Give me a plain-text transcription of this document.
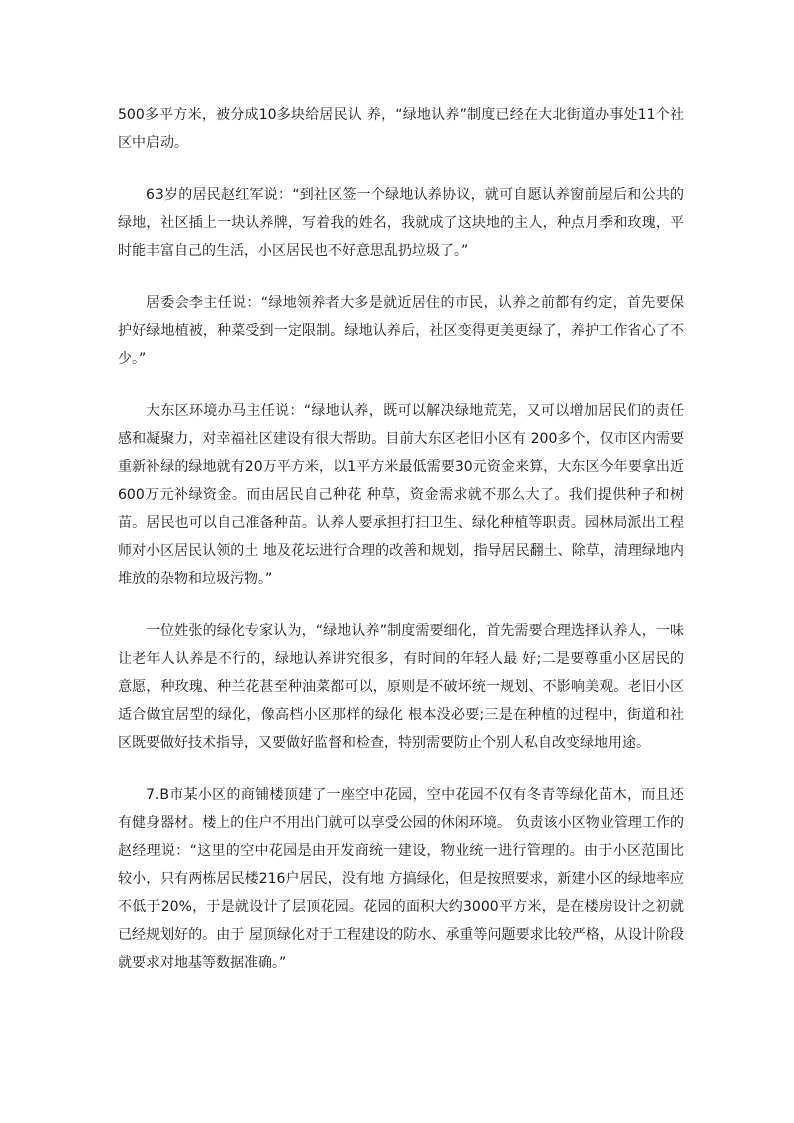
500多平方米，被分成10多块给居民认 养，“绿地认养”制度已经在大北街道办事处11个社区中启动。

63岁的居民赵红军说：“到社区签一个绿地认养协议，就可自愿认养窗前屋后和公共的绿地，社区插上一块认养牌，写着我的姓名，我就成了这块地的主人，种点月季和玫瑰，平时能丰富自己的生活，小区居民也不好意思乱扔垃圾了。”

居委会李主任说：“绿地领养者大多是就近居住的市民，认养之前都有约定，首先要保护好绿地植被，种菜受到一定限制。绿地认养后，社区变得更美更绿了，养护工作省心了不少。”

大东区环境办马主任说：“绿地认养，既可以解决绿地荒芜，又可以增加居民们的责任感和凝聚力，对幸福社区建设有很大帮助。目前大东区老旧小区有 200多个，仅市区内需要重新补绿的绿地就有20万平方米，以1平方米最低需要30元资金来算，大东区今年要拿出近600万元补绿资金。而由居民自己种花 种草，资金需求就不那么大了。我们提供种子和树苗。居民也可以自己准备种苗。认养人要承担打扫卫生、绿化种植等职责。园林局派出工程师对小区居民认领的土 地及花坛进行合理的改善和规划，指导居民翻土、除草，清理绿地内堆放的杂物和垃圾污物。”

一位姓张的绿化专家认为，“绿地认养”制度需要细化，首先需要合理选择认养人，一味让老年人认养是不行的，绿地认养讲究很多，有时间的年轻人最 好;二是要尊重小区居民的意愿，种玫瑰、种兰花甚至种油菜都可以，原则是不破坏统一规划、不影响美观。老旧小区适合做宜居型的绿化，像高档小区那样的绿化 根本没必要;三是在种植的过程中，街道和社区既要做好技术指导，又要做好监督和检查，特别需要防止个别人私自改变绿地用途。

7.B市某小区的商铺楼顶建了一座空中花园，空中花园不仅有冬青等绿化苗木，而且还有健身器材。楼上的住户不用出门就可以享受公园的休闲环境。 负责该小区物业管理工作的赵经理说：“这里的空中花园是由开发商统一建设，物业统一进行管理的。由于小区范围比较小，只有两栋居民楼216户居民，没有地 方搞绿化，但是按照要求，新建小区的绿地率应不低于20%，于是就设计了层顶花园。花园的面积大约3000平方米，是在楼房设计之初就已经规划好的。由于 屋顶绿化对于工程建设的防水、承重等问题要求比较严格，从设计阶段就要求对地基等数据准确。”
